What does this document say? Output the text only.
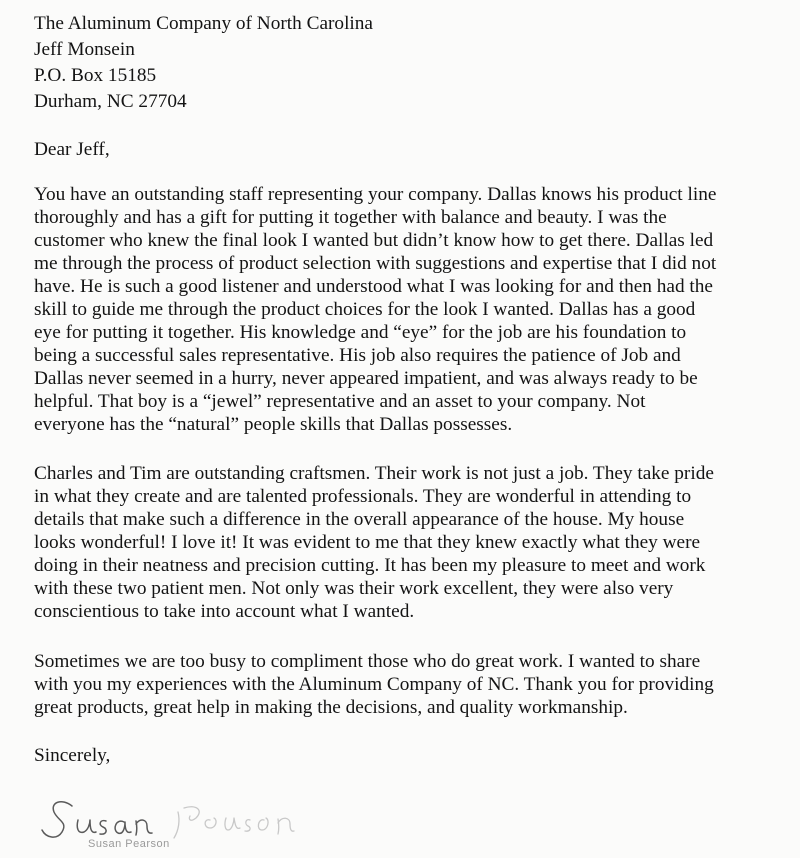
The Aluminum Company of North Carolina

Jeff Monsein

P.O. Box 15185

Durham, NC 27704

Dear Jeff,

You have an outstanding staff representing your company. Dallas knows his product line

thoroughly and has a gift for putting it together with balance and beauty. I was the

customer who knew the final look I wanted but didn’t know how to get there. Dallas led

me through the process of product selection with suggestions and expertise that I did not

have. He is such a good listener and understood what I was looking for and then had the

skill to guide me through the product choices for the look I wanted. Dallas has a good

eye for putting it together. His knowledge and “eye” for the job are his foundation to

being a successful sales representative. His job also requires the patience of Job and

Dallas never seemed in a hurry, never appeared impatient, and was always ready to be

helpful. That boy is a “jewel” representative and an asset to your company. Not

everyone has the “natural” people skills that Dallas possesses.

Charles and Tim are outstanding craftsmen. Their work is not just a job. They take pride

in what they create and are talented professionals. They are wonderful in attending to

details that make such a difference in the overall appearance of the house. My house

looks wonderful! I love it! It was evident to me that they knew exactly what they were

doing in their neatness and precision cutting. It has been my pleasure to meet and work

with these two patient men. Not only was their work excellent, they were also very

conscientious to take into account what I wanted.

Sometimes we are too busy to compliment those who do great work. I wanted to share

with you my experiences with the Aluminum Company of NC. Thank you for providing

great products, great help in making the decisions, and quality workmanship.

Sincerely,

Susan Pearson
